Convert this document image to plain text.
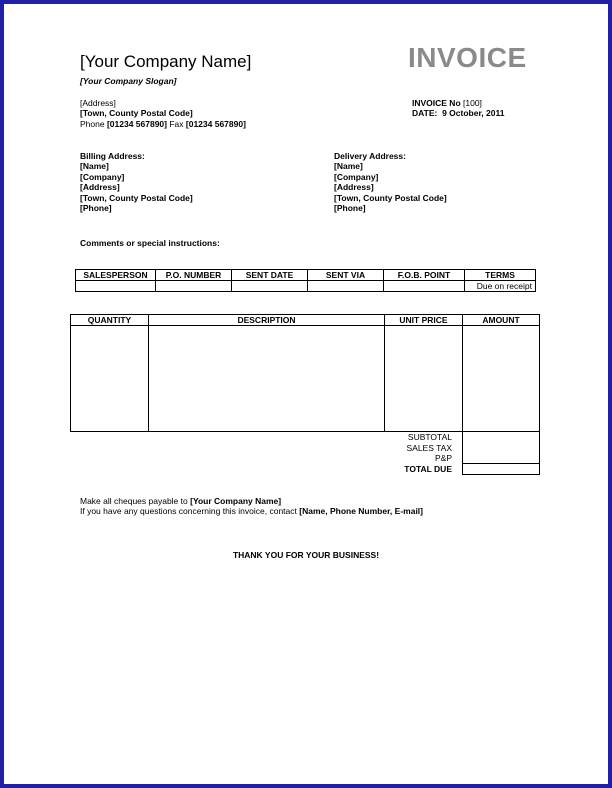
[Your Company Name]
[Your Company Slogan]
INVOICE
[Address]
[Town, County Postal Code]
Phone [01234 567890] Fax [01234 567890]
INVOICE No [100]
DATE: 9 October, 2011
Billing Address:
[Name]
[Company]
[Address]
[Town, County Postal Code]
[Phone]
Delivery Address:
[Name]
[Company]
[Address]
[Town, County Postal Code]
[Phone]
Comments or special instructions:
SALESPERSON	P.O. NUMBER	SENT DATE	SENT VIA	F.O.B. POINT	TERMS
					Due on receipt
QUANTITY	DESCRIPTION	UNIT PRICE	AMOUNT

SUBTOTAL
SALES TAX
P&P
TOTAL DUE
Make all cheques payable to [Your Company Name]
If you have any questions concerning this invoice, contact [Name, Phone Number, E-mail]
THANK YOU FOR YOUR BUSINESS!
